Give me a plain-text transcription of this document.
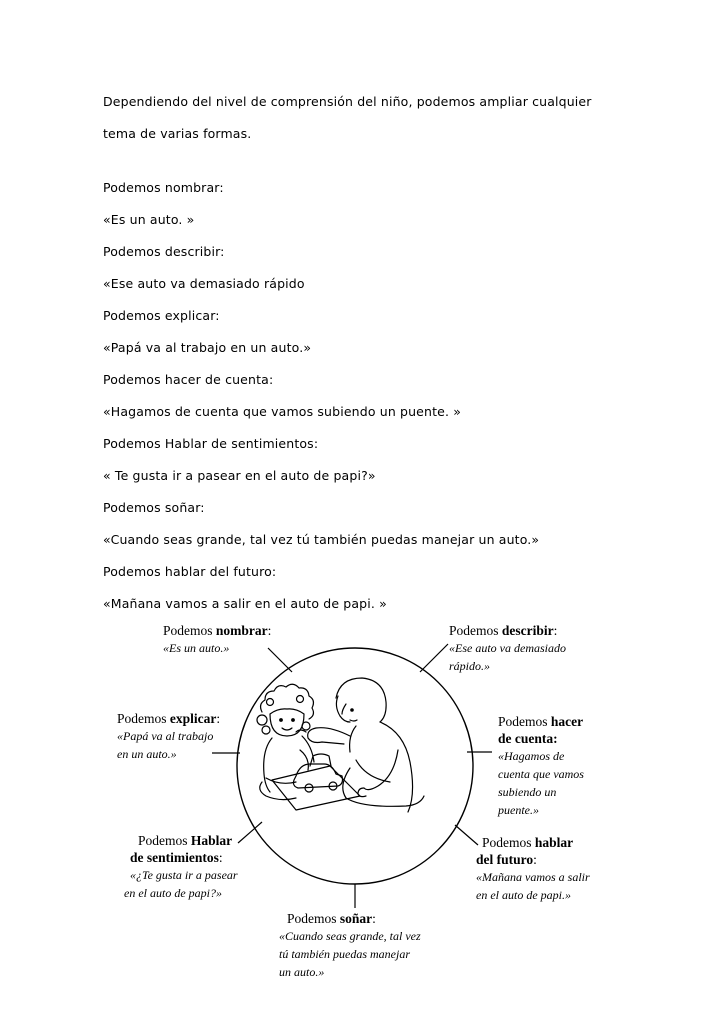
Dependiendo del nivel de comprensión del niño, podemos ampliar cualquier

tema de varias formas.

Podemos nombrar:

«Es un auto. »

Podemos describir:

«Ese auto va demasiado rápido

Podemos explicar:

«Papá va al trabajo en un auto.»

Podemos hacer de cuenta:

«Hagamos de cuenta que vamos subiendo un puente. »

Podemos Hablar de sentimientos:

« Te gusta ir a pasear en el auto de papi?»

Podemos soñar:

«Cuando seas grande, tal vez tú también puedas manejar un auto.»

Podemos hablar del futuro:

«Mañana vamos a salir en el auto de papi. »

Podemos nombrar:
«Es un auto.»
Podemos describir:
«Ese auto va demasiado
rápido.»
Podemos explicar:
«Papá va al trabajo
en un auto.»
Podemos hacer
de cuenta:
«Hagamos de
cuenta que vamos
subiendo un
puente.»
Podemos Hablar
de sentimientos:
«¿Te gusta ir a pasear
en el auto de papi?»
Podemos hablar
del futuro:
«Mañana vamos a salir
en el auto de papi.»
Podemos soñar:
«Cuando seas grande, tal vez
tú también puedas manejar
un auto.»
